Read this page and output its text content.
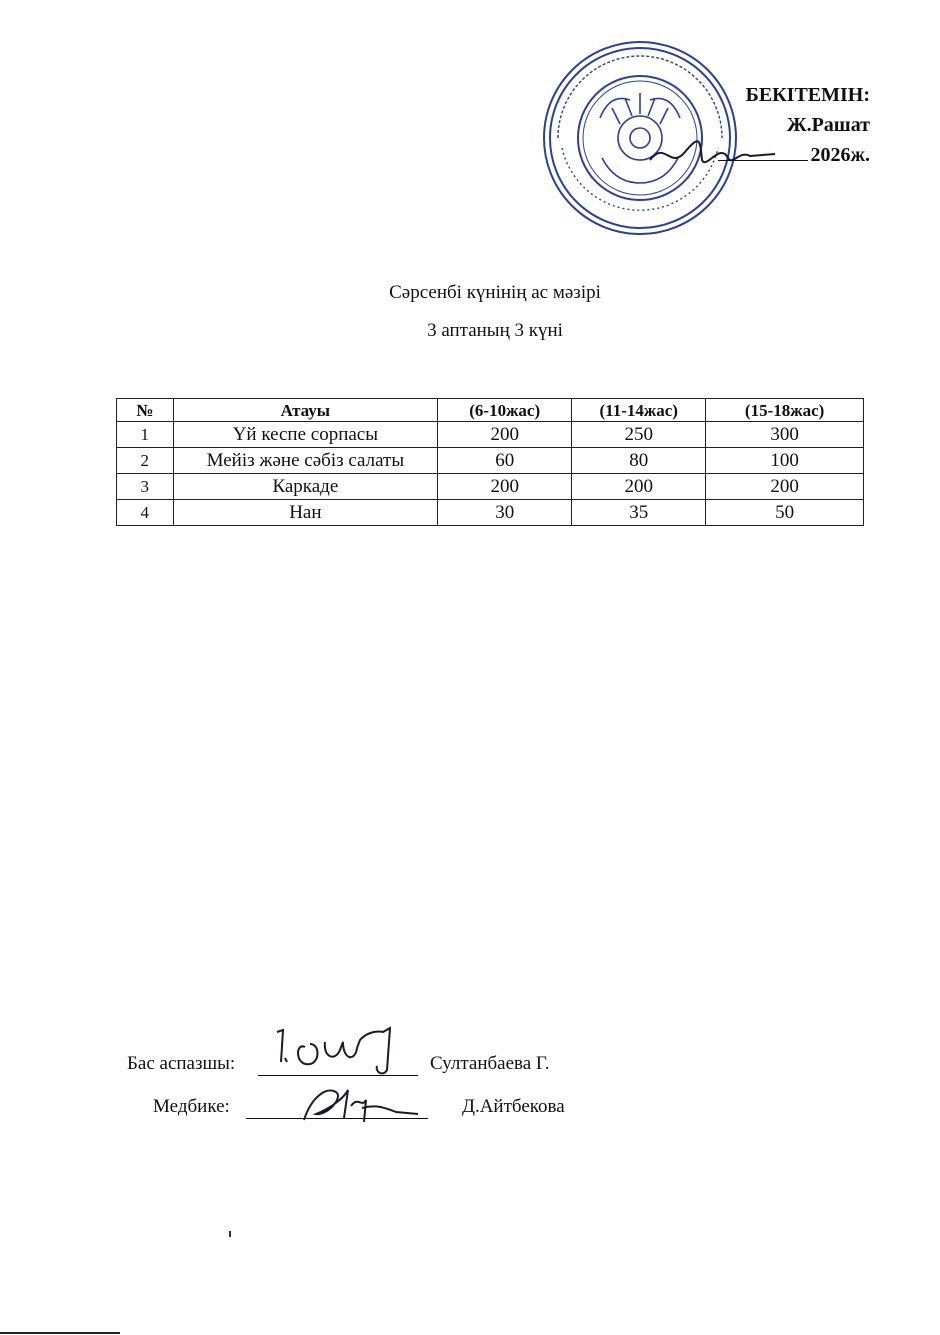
БЕКІТЕМІН:
Ж.Рашат
2026ж.
Сәрсенбі күнінің ас мәзірі
3 аптаның 3 күні
№	Атауы	(6-10жас)	(11-14жас)	(15-18жас)
1	Үй кеспе сорпасы	200	250	300
2	Мейіз және сәбіз салаты	60	80	100
3	Каркаде	200	200	200
4	Нан	30	35	50
Бас аспазшы:	Султанбаева Г.
Медбике:	Д.Айтбекова
